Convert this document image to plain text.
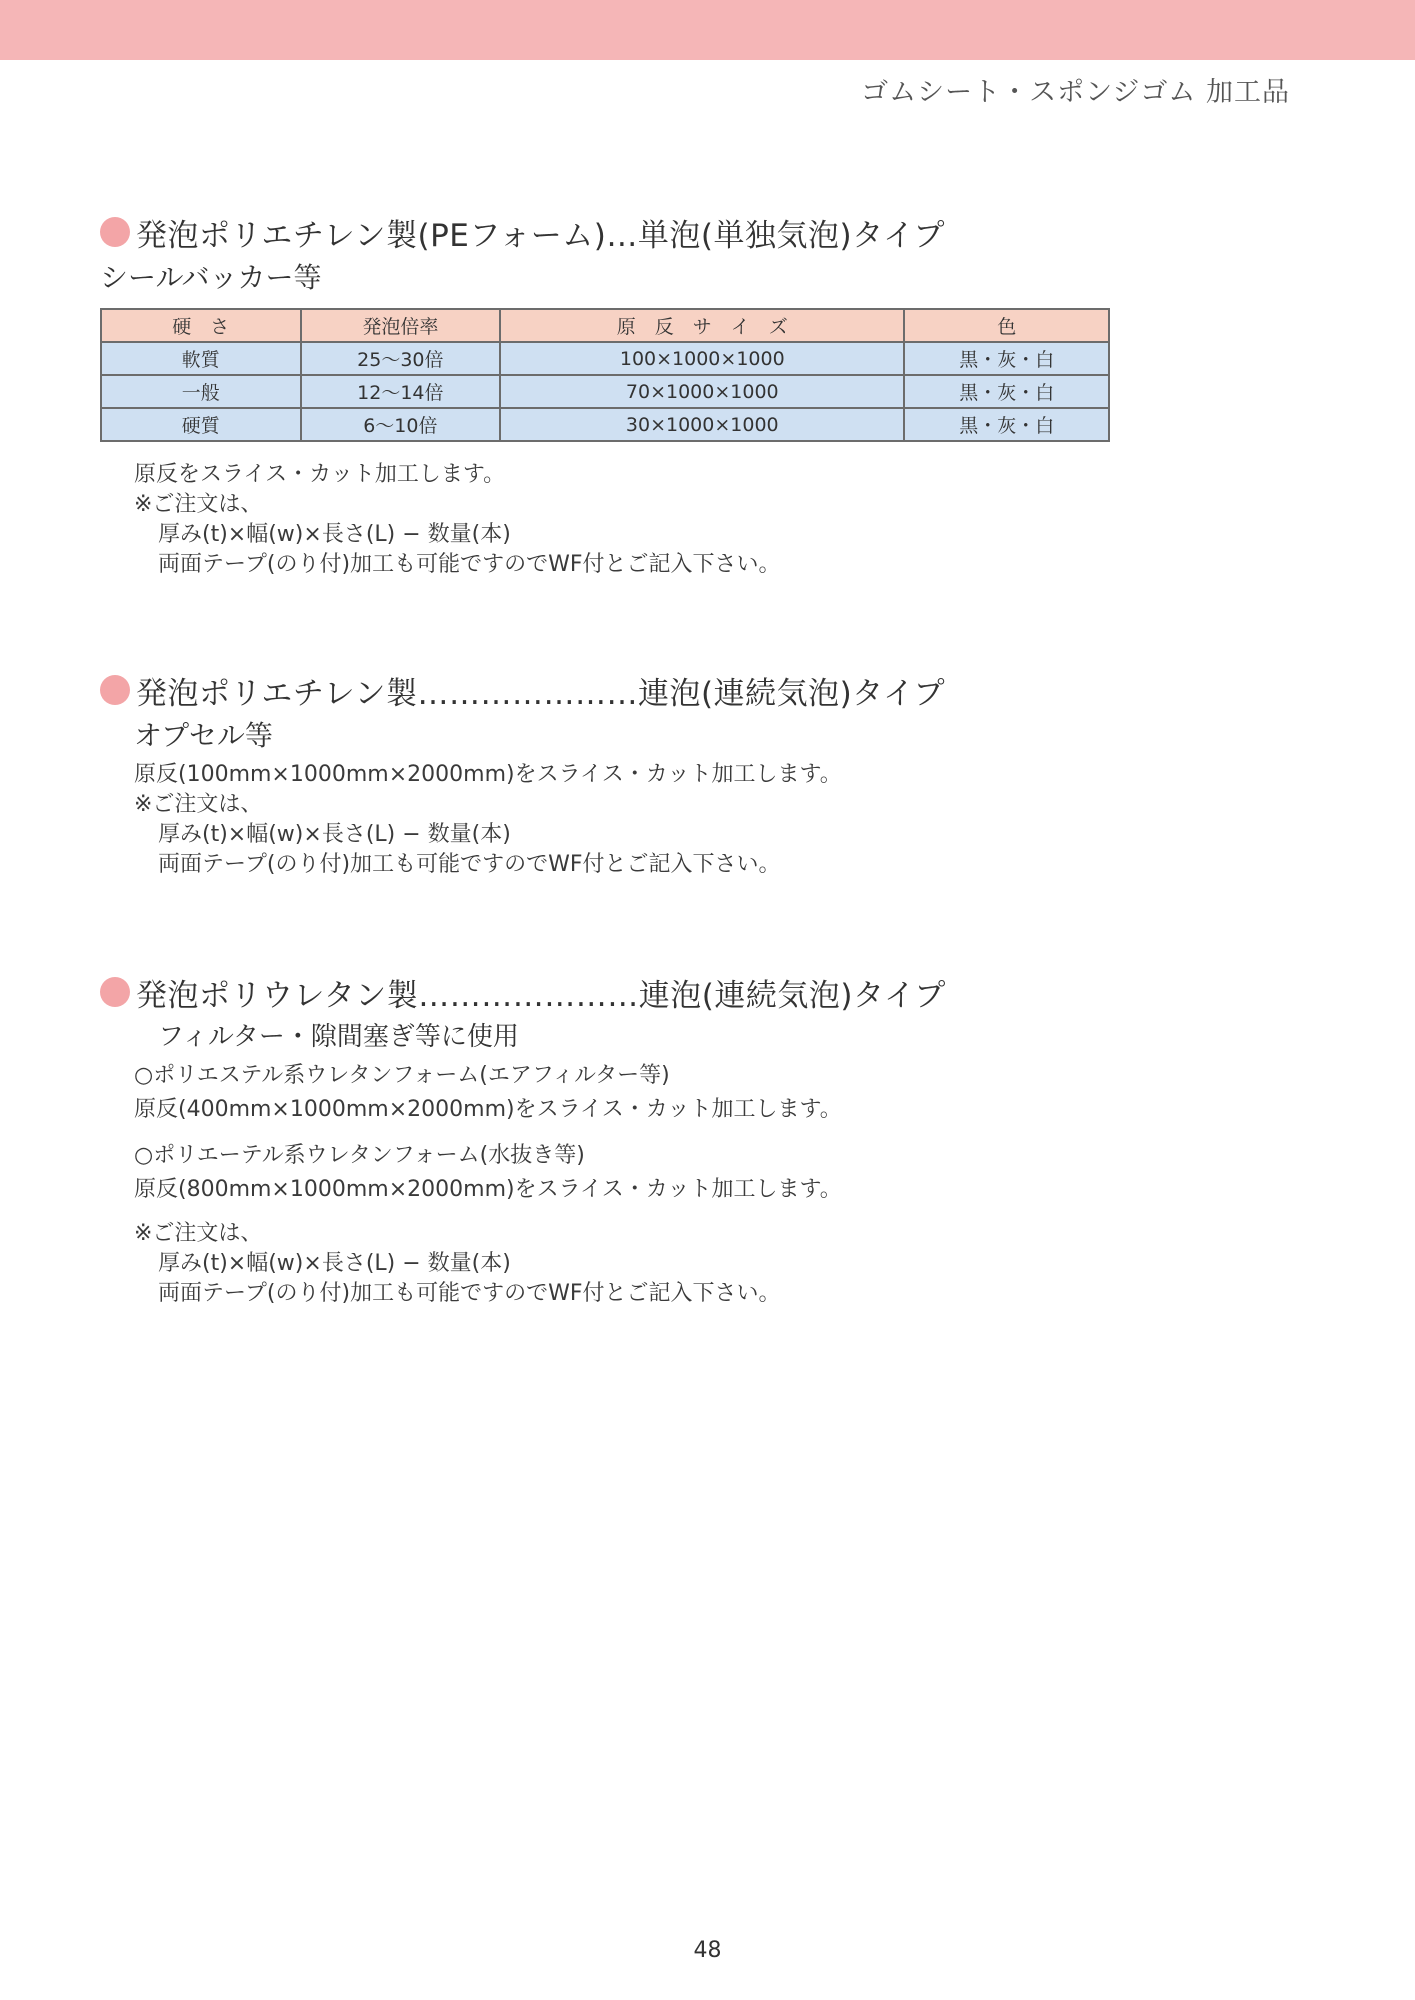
ゴムシート・スポンジゴム 加工品
発泡ポリエチレン製(PEフォーム)…単泡(単独気泡)タイプ
シールバッカー等
硬　さ	発泡倍率	原　反　サ　イ　ズ	色
軟質	25〜30倍	100×1000×1000	黒・灰・白
一般	12〜14倍	70×1000×1000	黒・灰・白
硬質	6〜10倍	30×1000×1000	黒・灰・白
原反をスライス・カット加工します。
※ご注文は、
厚み(t)×幅(w)×長さ(L) − 数量(本)
両面テープ(のり付)加工も可能ですのでWF付とご記入下さい。
発泡ポリエチレン製…………………連泡(連続気泡)タイプ
オプセル等
原反(100mm×1000mm×2000mm)をスライス・カット加工します。
※ご注文は、
厚み(t)×幅(w)×長さ(L) − 数量(本)
両面テープ(のり付)加工も可能ですのでWF付とご記入下さい。
発泡ポリウレタン製…………………連泡(連続気泡)タイプ
フィルター・隙間塞ぎ等に使用
○ポリエステル系ウレタンフォーム(エアフィルター等)
原反(400mm×1000mm×2000mm)をスライス・カット加工します。
○ポリエーテル系ウレタンフォーム(水抜き等)
原反(800mm×1000mm×2000mm)をスライス・カット加工します。
※ご注文は、
厚み(t)×幅(w)×長さ(L) − 数量(本)
両面テープ(のり付)加工も可能ですのでWF付とご記入下さい。
48
